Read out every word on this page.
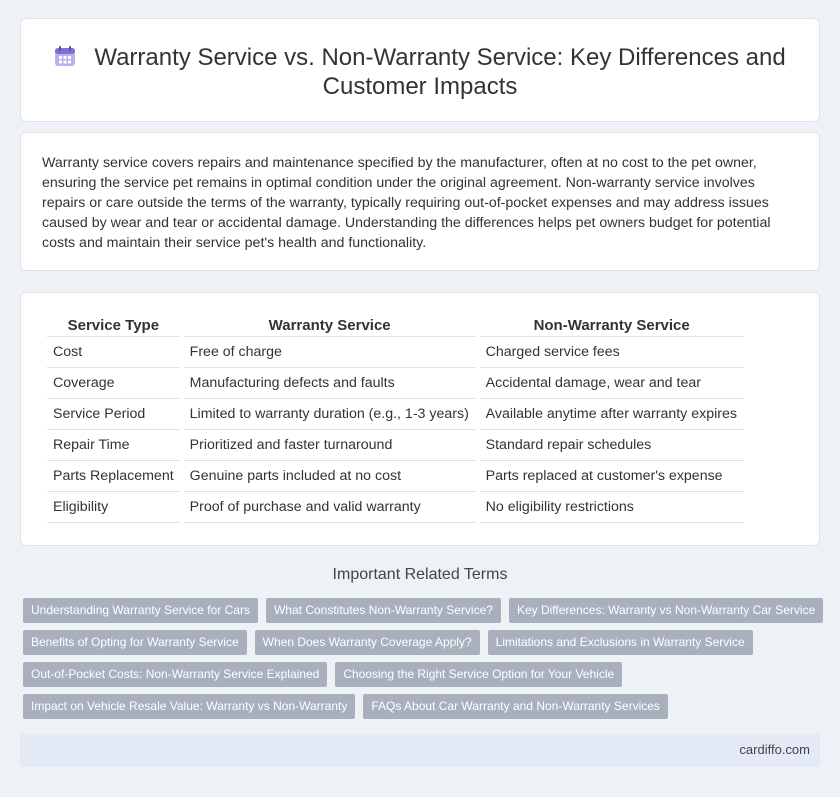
Warranty Service vs. Non-Warranty Service: Key Differences and Customer Impacts

Warranty service covers repairs and maintenance specified by the manufacturer, often at no cost to the pet owner, ensuring the service pet remains in optimal condition under the original agreement. Non-warranty service involves repairs or care outside the terms of the warranty, typically requiring out-of-pocket expenses and may address issues caused by wear and tear or accidental damage. Understanding the differences helps pet owners budget for potential costs and maintain their service pet's health and functionality.

Service Type	Warranty Service	Non-Warranty Service
Cost	Free of charge	Charged service fees
Coverage	Manufacturing defects and faults	Accidental damage, wear and tear
Service Period	Limited to warranty duration (e.g., 1-3 years)	Available anytime after warranty expires
Repair Time	Prioritized and faster turnaround	Standard repair schedules
Parts Replacement	Genuine parts included at no cost	Parts replaced at customer's expense
Eligibility	Proof of purchase and valid warranty	No eligibility restrictions
Important Related Terms
Understanding Warranty Service for Cars What Constitutes Non-Warranty Service? Key Differences: Warranty vs Non-Warranty Car Service
Benefits of Opting for Warranty Service When Does Warranty Coverage Apply? Limitations and Exclusions in Warranty Service
Out-of-Pocket Costs: Non-Warranty Service Explained Choosing the Right Service Option for Your Vehicle
Impact on Vehicle Resale Value: Warranty vs Non-Warranty FAQs About Car Warranty and Non-Warranty Services
cardiffo.com
